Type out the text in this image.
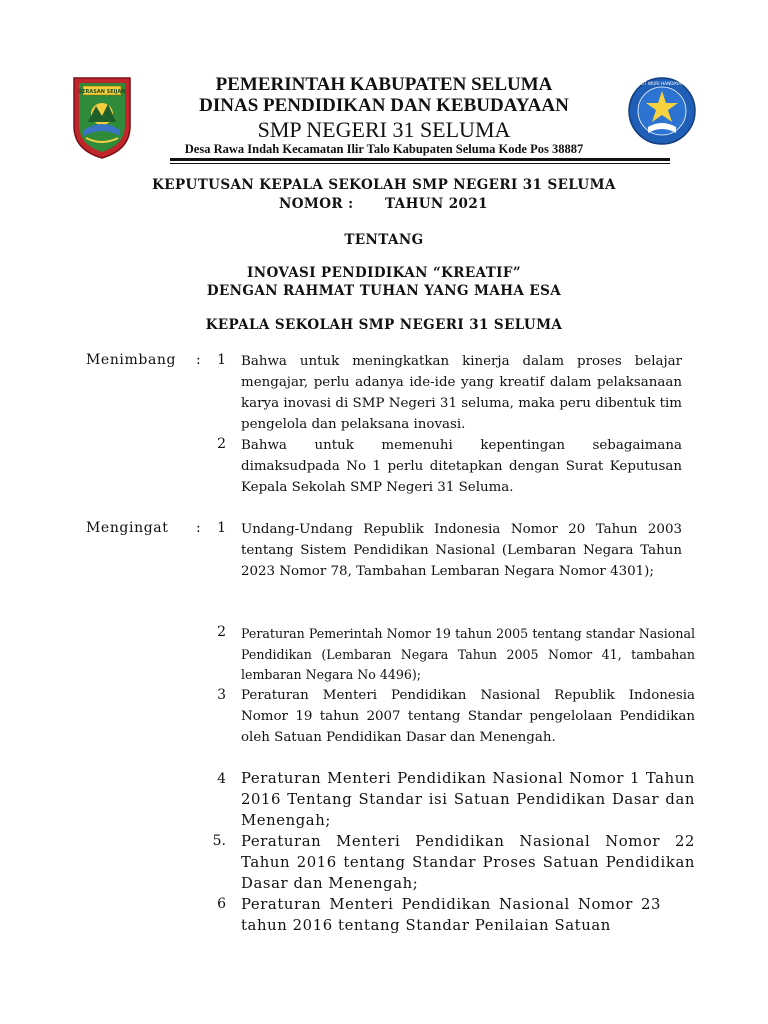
SERASAN SEIJAN	PEMERINTAH KABUPATEN SELUMA
DINAS PENDIDIKAN DAN KEBUDAYAAN
SMP NEGERI 31 SELUMA
Desa Rawa Indah Kecamatan Ilir Talo Kabupaten Seluma Kode Pos 38887
TUT WURI HANDAYANI
KEPUTUSAN KEPALA SEKOLAH SMP NEGERI 31 SELUMA
NOMOR : TAHUN 2021
TENTANG
INOVASI PENDIDIKAN “KREATIF”
DENGAN RAHMAT TUHAN YANG MAHA ESA
KEPALA SEKOLAH SMP NEGERI 31 SELUMA
Menimbang :	1 Bahwa untuk meningkatkan kinerja dalam proses belajar mengajar, perlu adanya ide-ide yang kreatif dalam pelaksanaan karya inovasi di SMP Negeri 31 seluma, maka peru dibentuk tim pengelola dan pelaksana inovasi.
2 Bahwa untuk memenuhi kepentingan sebagaimana dimaksudpada No 1 perlu ditetapkan dengan Surat Keputusan Kepala Sekolah SMP Negeri 31 Seluma.
Mengingat :	1 Undang-Undang Republik Indonesia Nomor 20 Tahun 2003 tentang Sistem Pendidikan Nasional (Lembaran Negara Tahun 2023 Nomor 78, Tambahan Lembaran Negara Nomor 4301);
2 Peraturan Pemerintah Nomor 19 tahun 2005 tentang standar Nasional Pendidikan (Lembaran Negara Tahun 2005 Nomor 41, tambahan lembaran Negara No 4496);
3 Peraturan Menteri Pendidikan Nasional Republik Indonesia Nomor 19 tahun 2007 tentang Standar pengelolaan Pendidikan oleh Satuan Pendidikan Dasar dan Menengah.
4 Peraturan Menteri Pendidikan Nasional Nomor 1 Tahun 2016 Tentang Standar isi Satuan Pendidikan Dasar dan Menengah;
5. Peraturan Menteri Pendidikan Nasional Nomor 22 Tahun 2016 tentang Standar Proses Satuan Pendidikan Dasar dan Menengah;
6 Peraturan Menteri Pendidikan Nasional Nomor 23 tahun 2016 tentang Standar Penilaian Satuan
